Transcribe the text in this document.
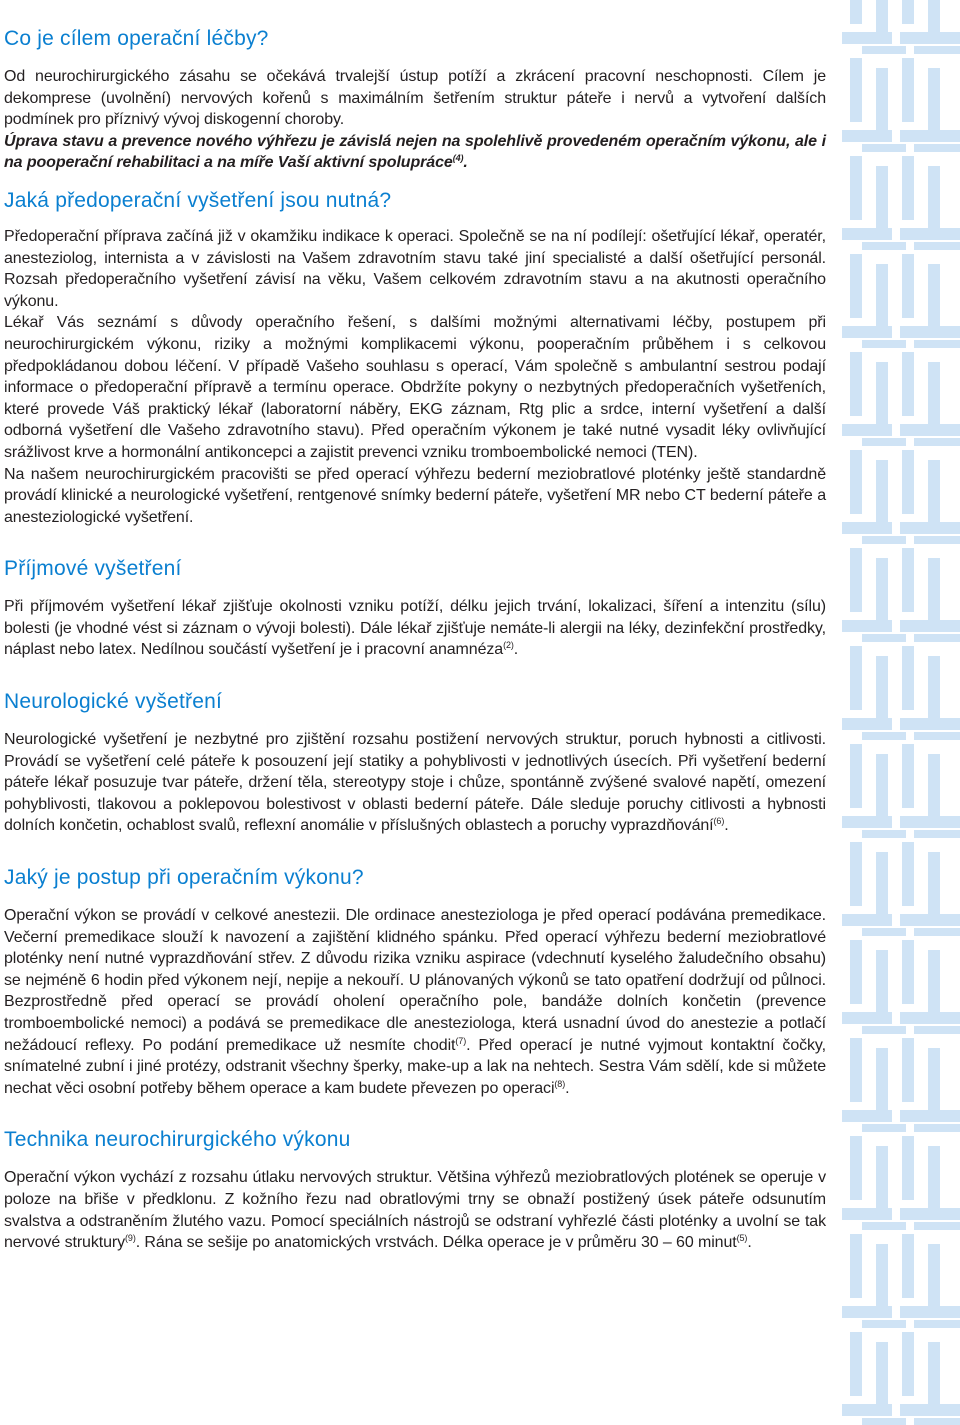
Co je cílem operační léčby?

Od neurochirurgického zásahu se očekává trvalejší ústup potíží a zkrácení pracovní neschopnosti. Cílem je dekomprese (uvolnění) nervových kořenů s maximálním šetřením struktur páteře i nervů a vytvoření dalších podmínek pro příznivý vývoj diskogenní choroby.

Úprava stavu a prevence nového výhřezu je závislá nejen na spolehlivě provedeném operačním výkonu, ale i na pooperační rehabilitaci a na míře Vaší aktivní spolupráce$^{(4)}$.

Jaká předoperační vyšetření jsou nutná?

Předoperační příprava začíná již v okamžiku indikace k operaci. Společně se na ní podílejí: ošetřující lékař, operatér, anesteziolog, internista a v závislosti na Vašem zdravotním stavu také jiní specialisté a další ošetřující personál. Rozsah předoperačního vyšetření závisí na věku, Vašem celkovém zdravotním stavu a na akutnosti operačního výkonu.

Lékař Vás seznámí s důvody operačního řešení, s dalšími možnými alternativami léčby, postupem při neurochirurgickém výkonu, riziky a možnými komplikacemi výkonu, pooperačním průběhem i s celkovou předpokládanou dobou léčení. V případě Vašeho souhlasu s operací, Vám společně s ambulantní sestrou podají informace o předoperační přípravě a termínu operace. Obdržíte pokyny o nezbytných předoperačních vyšetřeních, které provede Váš praktický lékař (laboratorní náběry, EKG záznam, Rtg plic a srdce, interní vyšetření a další odborná vyšetření dle Vašeho zdravotního stavu). Před operačním výkonem je také nutné vysadit léky ovlivňující srážlivost krve a hormonální antikoncepci a zajistit prevenci vzniku tromboembolické nemoci (TEN).

Na našem neurochirurgickém pracovišti se před operací výhřezu bederní meziobratlové ploténky ještě standardně provádí klinické a neurologické vyšetření, rentgenové snímky bederní páteře, vyšetření MR nebo CT bederní páteře a anesteziologické vyšetření.

Příjmové vyšetření

Při příjmovém vyšetření lékař zjišťuje okolnosti vzniku potíží, délku jejich trvání, lokalizaci, šíření a intenzitu (sílu) bolesti (je vhodné vést si záznam o vývoji bolesti). Dále lékař zjišťuje nemáte-li alergii na léky, dezinfekční prostředky, náplast nebo latex. Nedílnou součástí vyšetření je i pracovní anamnéza$^{(2)}$.

Neurologické vyšetření

Neurologické vyšetření je nezbytné pro zjištění rozsahu postižení nervových struktur, poruch hybnosti a citlivosti. Provádí se vyšetření celé páteře k posouzení její statiky a pohyblivosti v jednotlivých úsecích. Při vyšetření bederní páteře lékař posuzuje tvar páteře, držení těla, stereotypy stoje i chůze, spontánně zvýšené svalové napětí, omezení pohyblivosti, tlakovou a poklepovou bolestivost v oblasti bederní páteře. Dále sleduje poruchy citlivosti a hybnosti dolních končetin, ochablost svalů, reflexní anomálie v příslušných oblastech a poruchy vyprazdňování$^{(6)}$.

Jaký je postup při operačním výkonu?

Operační výkon se provádí v celkové anestezii. Dle ordinace anesteziologa je před operací podávána premedikace. Večerní premedikace slouží k navození a zajištění klidného spánku. Před operací výhřezu bederní meziobratlové ploténky není nutné vyprazdňování střev. Z důvodu rizika vzniku aspirace (vdechnutí kyselého žaludečního obsahu) se nejméně 6 hodin před výkonem nejí, nepije a nekouří. U plánovaných výkonů se tato opatření dodržují od půlnoci. Bezprostředně před operací se provádí oholení operačního pole, bandáže dolních končetin (prevence tromboembolické nemoci) a podává se premedikace dle anesteziologa, která usnadní úvod do anestezie a potlačí nežádoucí reflexy. Po podání premedikace už nesmíte chodit$^{(7)}$. Před operací je nutné vyjmout kontaktní čočky, snímatelné zubní i jiné protézy, odstranit všechny šperky, make-up a lak na nehtech. Sestra Vám sdělí, kde si můžete nechat věci osobní potřeby během operace a kam budete převezen po operaci$^{(8)}$.

Technika neurochirurgického výkonu

Operační výkon vychází z rozsahu útlaku nervových struktur. Většina výhřezů meziobratlových plotének se operuje v poloze na břiše v předklonu. Z kožního řezu nad obratlovými trny se obnaží postižený úsek páteře odsunutím svalstva a odstraněním žlutého vazu. Pomocí speciálních nástrojů se odstraní vyhřezlé části ploténky a uvolní se tak nervové struktury$^{(9)}$. Rána se sešije po anatomických vrstvách. Délka operace je v průměru 30 – 60 minut$^{(5)}$.
